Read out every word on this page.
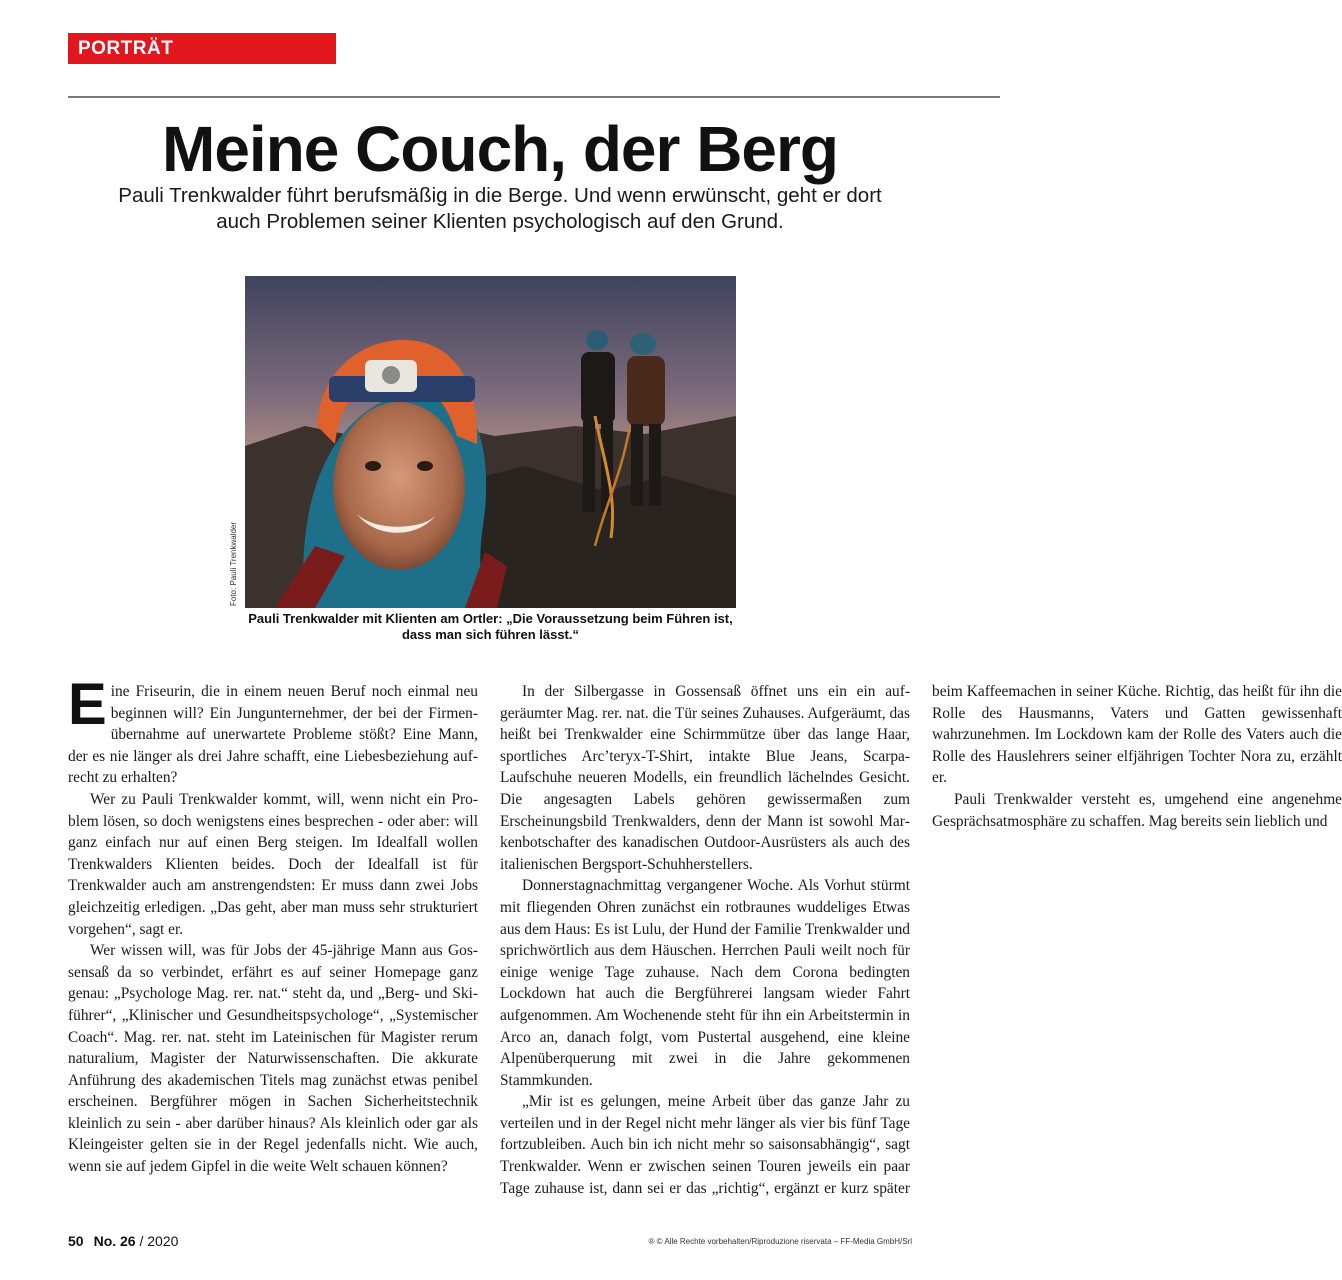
PORTRÄT
Meine Couch, der Berg

Pauli Trenkwalder führt berufsmäßig in die Berge. Und wenn erwünscht, geht er dort auch Problemen seiner Klienten psychologisch auf den Grund.

Foto: Pauli Trenkwalder

Pauli Trenkwalder mit Klienten am Ortler: „Die Voraussetzung beim Führen ist, dass man sich führen lässt.“

Eine Friseurin, die in einem neuen Beruf noch einmal neu beginnen will? Ein Jungunternehmer, der bei der Firmenübernahme auf unerwartete Probleme stößt? Eine Mann, der es nie länger als drei Jahre schafft, eine Liebesbeziehung aufrecht zu erhalten?

Wer zu Pauli Trenkwalder kommt, will, wenn nicht ein Problem lösen, so doch wenigstens eines besprechen - oder aber: will ganz einfach nur auf einen Berg steigen. Im Idealfall wollen Trenkwalders Klienten beides. Doch der Idealfall ist für Trenkwalder auch am anstrengendsten: Er muss dann zwei Jobs gleichzeitig erledigen. „Das geht, aber man muss sehr strukturiert vorgehen“, sagt er.

Wer wissen will, was für Jobs der 45-jährige Mann aus Gossensaß da so verbindet, erfährt es auf seiner Homepage ganz genau: „Psychologe Mag. rer. nat.“ steht da, und „Berg- und Skiführer“, „Klinischer und Gesundheitspsychologe“, „Systemischer Coach“. Mag. rer. nat. steht im Lateinischen für Magister rerum naturalium, Magister der Naturwissenschaften. Die akkurate Anführung des akademischen Titels mag zunächst etwas penibel erscheinen. Bergführer mögen in Sachen Sicherheitstechnik kleinlich zu sein - aber darüber hinaus? Als kleinlich oder gar als Kleingeister gelten sie in der Regel jedenfalls nicht. Wie auch, wenn sie auf jedem Gipfel in die weite Welt schauen können?

In der Silbergasse in Gossensaß öffnet uns ein ein aufgeräumter Mag. rer. nat. die Tür seines Zuhauses. Aufgeräumt, das heißt bei Trenkwalder eine Schirmmütze über das lange Haar, sportliches Arc’teryx-T-Shirt, intakte Blue Jeans, Scarpa-Laufschuhe neueren Modells, ein freundlich lächelndes Gesicht. Die angesagten Labels gehören gewissermaßen zum Erscheinungsbild Trenkwalders, denn der Mann ist sowohl Markenbotschafter des kanadischen Outdoor-Ausrüsters als auch des italienischen Bergsport-Schuhherstellers.

Donnerstagnachmittag vergangener Woche. Als Vorhut stürmt mit fliegenden Ohren zunächst ein rotbraunes wuddeliges Etwas aus dem Haus: Es ist Lulu, der Hund der Familie Trenkwalder und sprichwörtlich aus dem Häuschen. Herrchen Pauli weilt noch für einige wenige Tage zuhause. Nach dem Corona bedingten Lockdown hat auch die Bergführerei langsam wieder Fahrt aufgenommen. Am Wochenende steht für ihn ein Arbeitstermin in Arco an, danach folgt, vom Pustertal ausgehend, eine kleine Alpenüberquerung mit zwei in die Jahre gekommenen Stammkunden.

„Mir ist es gelungen, meine Arbeit über das ganze Jahr zu verteilen und in der Regel nicht mehr länger als vier bis fünf Tage fortzubleiben. Auch bin ich nicht mehr so saisonsabhängig“, sagt Trenkwalder. Wenn er zwischen seinen Touren jeweils ein paar Tage zuhause ist, dann sei er das „richtig“, ergänzt er kurz später beim Kaffeemachen in seiner Küche. Richtig, das heißt für ihn die Rolle des Hausmanns, Vaters und Gatten gewissenhaft wahrzunehmen. Im Lockdown kam der Rolle des Vaters auch die Rolle des Hauslehrers seiner elfjährigen Tochter Nora zu, erzählt er.

Pauli Trenkwalder versteht es, umgehend eine angenehme Gesprächsatmosphäre zu schaffen. Mag bereits sein lieblich und

50 No. 26 / 2020	® © Alle Rechte vorbehalten/Riproduzione riservata – FF-Media GmbH/Srl
